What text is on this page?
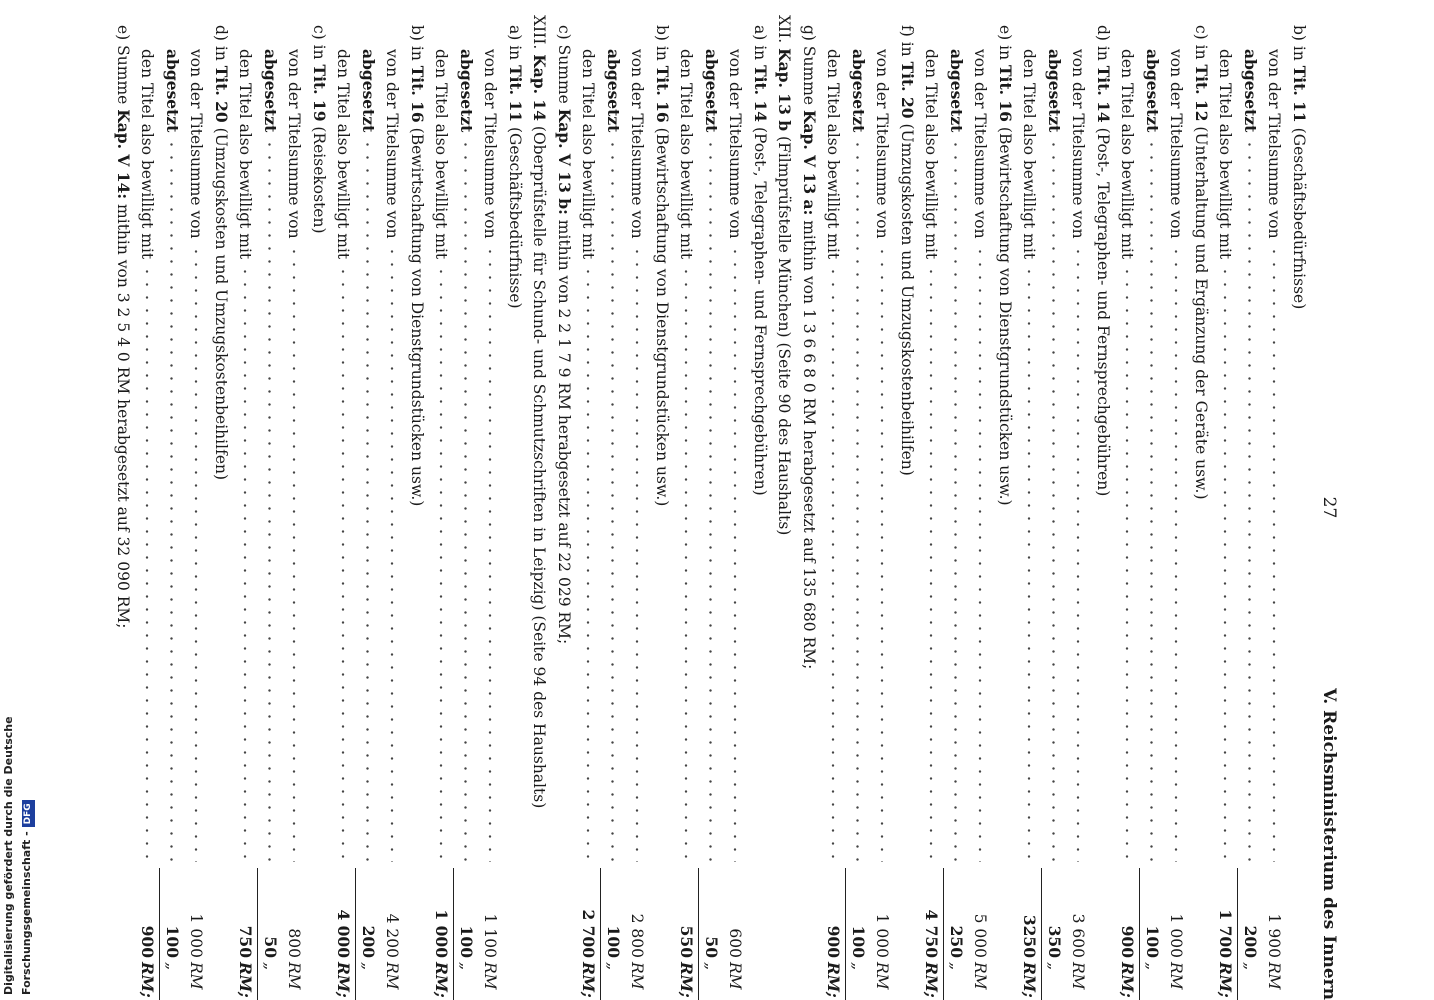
27
V. Reichsministerium des Innern
b) in Tit. 11 (Geschäftsbedürfnisse)
von der Titelsumme von
1 900
RM
abgesetzt
200
„
den Titel also bewilligt mit
1 700
RM;
c) in Tit. 12 (Unterhaltung und Ergänzung der Geräte usw.)
von der Titelsumme von
1 000
RM
abgesetzt
100
„
den Titel also bewilligt mit
900
RM;
d) in Tit. 14 (Post-, Telegraphen- und Fernsprechgebühren)
von der Titelsumme von
3 600
RM
abgesetzt
350
„
den Titel also bewilligt mit
3250
RM;
e) in Tit. 16 (Bewirtschaftung von Dienstgrundstücken usw.)
von der Titelsumme von
5 000
RM
abgesetzt
250
„
den Titel also bewilligt mit
4 750
RM;
f) in Tit. 20 (Umzugskosten und Umzugskostenbeihilfen)
von der Titelsumme von
1 000
RM
abgesetzt
100
„
den Titel also bewilligt mit
900
RM;
g) Summe Kap. V 13 a: mithin von 1 3 6 6 8 0 RM herabgesetzt auf 135 680 RM;
XII. Kap. 13 b (Filmprüfstelle München) (Seite 90 des Haushalts)
a) in Tit. 14 (Post-, Telegraphen- und Fernsprechgebühren)
von der Titelsumme von
600
RM
abgesetzt
50
„
den Titel also bewilligt mit
550
RM;
b) in Tit. 16 (Bewirtschaftung von Dienstgrundstücken usw.)
von der Titelsumme von
2 800
RM
abgesetzt
100
„
den Titel also bewilligt mit
2 700
RM;
c) Summe Kap. V 13 b: mithin von 2 2 1 7 9 RM herabgesetzt auf 22 029 RM;
XIII. Kap. 14 (Oberprüfstelle für Schund- und Schmutzschriften in Leipzig) (Seite 94 des Haushalts)
a) in Tit. 11 (Geschäftsbedürfnisse)
von der Titelsumme von
1 100
RM
abgesetzt
100
„
den Titel also bewilligt mit
1 000
RM;
b) in Tit. 16 (Bewirtschaftung von Dienstgrundstücken usw.)
von der Titelsumme von
4 200
RM
abgesetzt
200
„
den Titel also bewilligt mit
4 000
RM;
c) in Tit. 19 (Reisekosten)
von der Titelsumme von
800
RM
abgesetzt
50
„
den Titel also bewilligt mit
750
RM;
d) in Tit. 20 (Umzugskosten und Umzugskostenbeihilfen)
von der Titelsumme von
1 000
RM
abgesetzt
100
„
den Titel also bewilligt mit
900
RM;
e) Summe Kap. V 14: mithin von 3 2 5 4 0 RM herabgesetzt auf 32 090 RM;
Digitalisierung gefördert durch die Deutsche Forschungsgemeinschaft -DFG
